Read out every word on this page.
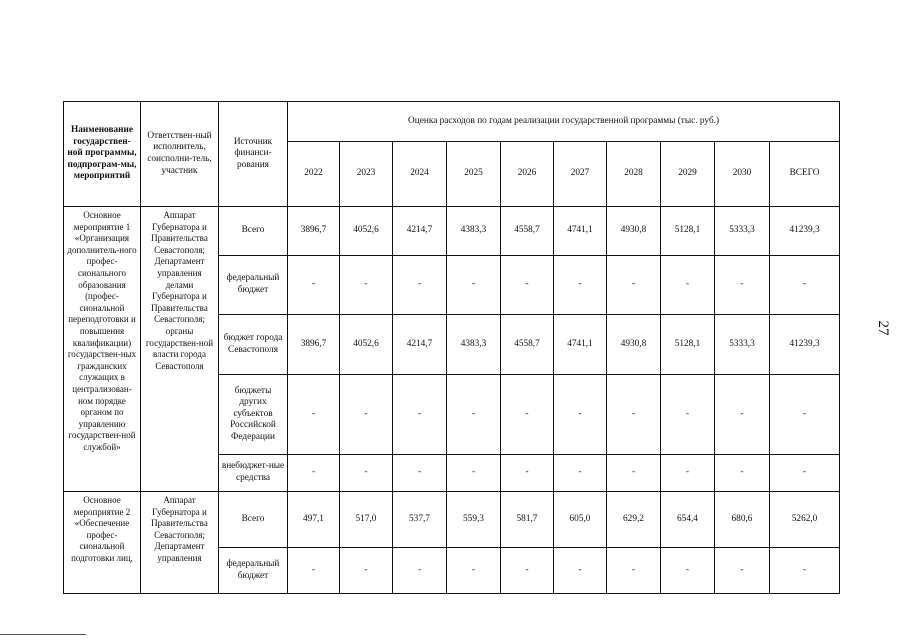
Наименование государствен-ной программы, подпрограм-мы, мероприятий	Ответствен-ный исполнитель, соисполни-тель, участник	Источник финанси-рования	Оценка расходов по годам реализации государственной программы (тыс. руб.)									
			2022	2023	2024	2025	2026	2027	2028	2029	2030	ВСЕГО
Основное мероприятие 1 «Организация дополнитель-ного профес-сионального образования (профес-сиональной переподготовки и повышения квалификации) государствен-ных гражданских служащих в централизован-ном порядке органом по управлению государствен-ной службой»	Аппарат Губернатора и Правительства Севастополя; Департамент управления делами Губернатора и Правительства Севастополя; органы государствен-ной власти города Севастополя	Всего	3896,7	4052,6	4214,7	4383,3	4558,7	4741,1	4930,8	5128,1	5333,3	41239,3
		федеральный бюджет	-	-	-	-	-	-	-	-	-	-
		бюджет города Севастополя	3896,7	4052,6	4214,7	4383,3	4558,7	4741,1	4930,8	5128,1	5333,3	41239,3
		бюджеты других субъектов Российской Федерации	-	-	-	-	-	-	-	-	-	-
		внебюджет-ные средства	-	-	-	-	-	-	-	-	-	-
Основное мероприятие 2 «Обеспечение профес-сиональной подготовки лиц,	Аппарат Губернатора и Правительства Севастополя; Департамент управления	Всего	497,1	517,0	537,7	559,3	581,7	605,0	629,2	654,4	680,6	5262,0
		федеральный бюджет	-	-	-	-	-	-	-	-	-	-
27
